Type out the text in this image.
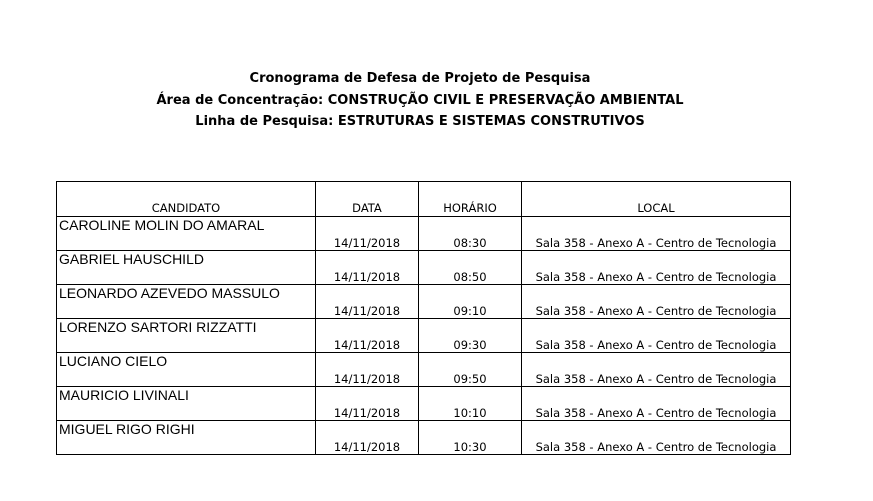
Cronograma de Defesa de Projeto de Pesquisa
Área de Concentração: CONSTRUÇÃO CIVIL E PRESERVAÇÃO AMBIENTAL
Linha de Pesquisa: ESTRUTURAS E SISTEMAS CONSTRUTIVOS
CANDIDATO	DATA	HORÁRIO	LOCAL
CAROLINE MOLIN DO AMARAL	14/11/2018	08:30	Sala 358 - Anexo A - Centro de Tecnologia
GABRIEL HAUSCHILD	14/11/2018	08:50	Sala 358 - Anexo A - Centro de Tecnologia
LEONARDO AZEVEDO MASSULO	14/11/2018	09:10	Sala 358 - Anexo A - Centro de Tecnologia
LORENZO SARTORI RIZZATTI	14/11/2018	09:30	Sala 358 - Anexo A - Centro de Tecnologia
LUCIANO CIELO	14/11/2018	09:50	Sala 358 - Anexo A - Centro de Tecnologia
MAURICIO LIVINALI	14/11/2018	10:10	Sala 358 - Anexo A - Centro de Tecnologia
MIGUEL RIGO RIGHI	14/11/2018	10:30	Sala 358 - Anexo A - Centro de Tecnologia
